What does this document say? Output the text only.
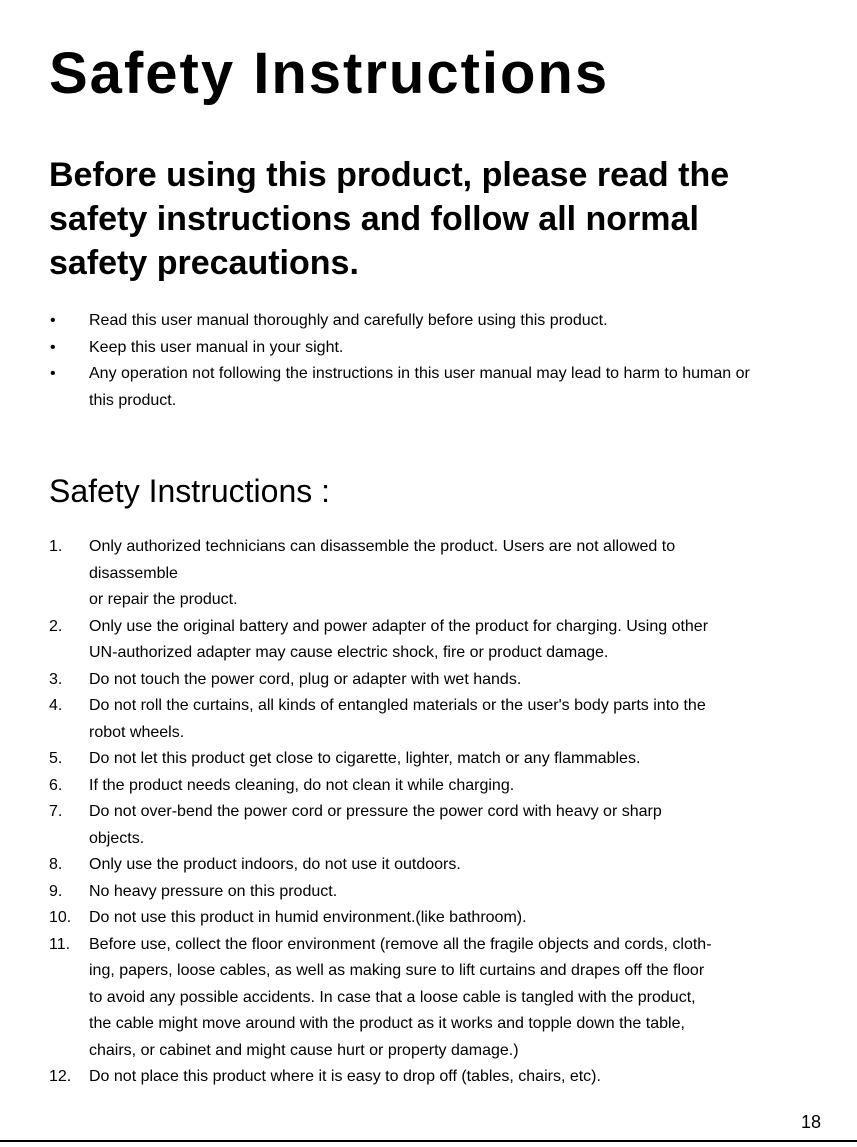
Safety Instructions
Before using this product, please read the safety instructions and follow all normal safety precautions.
• Read this user manual thoroughly and carefully before using this product.
• Keep this user manual in your sight.
• Any operation not following the instructions in this user manual may lead to harm to human or this product.
Safety Instructions :
1. Only authorized technicians can disassemble the product. Users are not allowed to
disassemble
or repair the product.
2. Only use the original battery and power adapter of the product for charging. Using other
UN-authorized adapter may cause electric shock, fire or product damage.
3. Do not touch the power cord, plug or adapter with wet hands.
4. Do not roll the curtains, all kinds of entangled materials or the user's body parts into the
robot wheels.
5. Do not let this product get close to cigarette, lighter, match or any flammables.
6. If the product needs cleaning, do not clean it while charging.
7. Do not over-bend the power cord or pressure the power cord with heavy or sharp
objects.
8. Only use the product indoors, do not use it outdoors.
9. No heavy pressure on this product.
10. Do not use this product in humid environment.(like bathroom).
11. Before use, collect the floor environment (remove all the fragile objects and cords, cloth-
ing, papers, loose cables, as well as making sure to lift curtains and drapes off the floor
to avoid any possible accidents. In case that a loose cable is tangled with the product,
the cable might move around with the product as it works and topple down the table,
chairs, or cabinet and might cause hurt or property damage.)
12. Do not place this product where it is easy to drop off (tables, chairs, etc).
18
